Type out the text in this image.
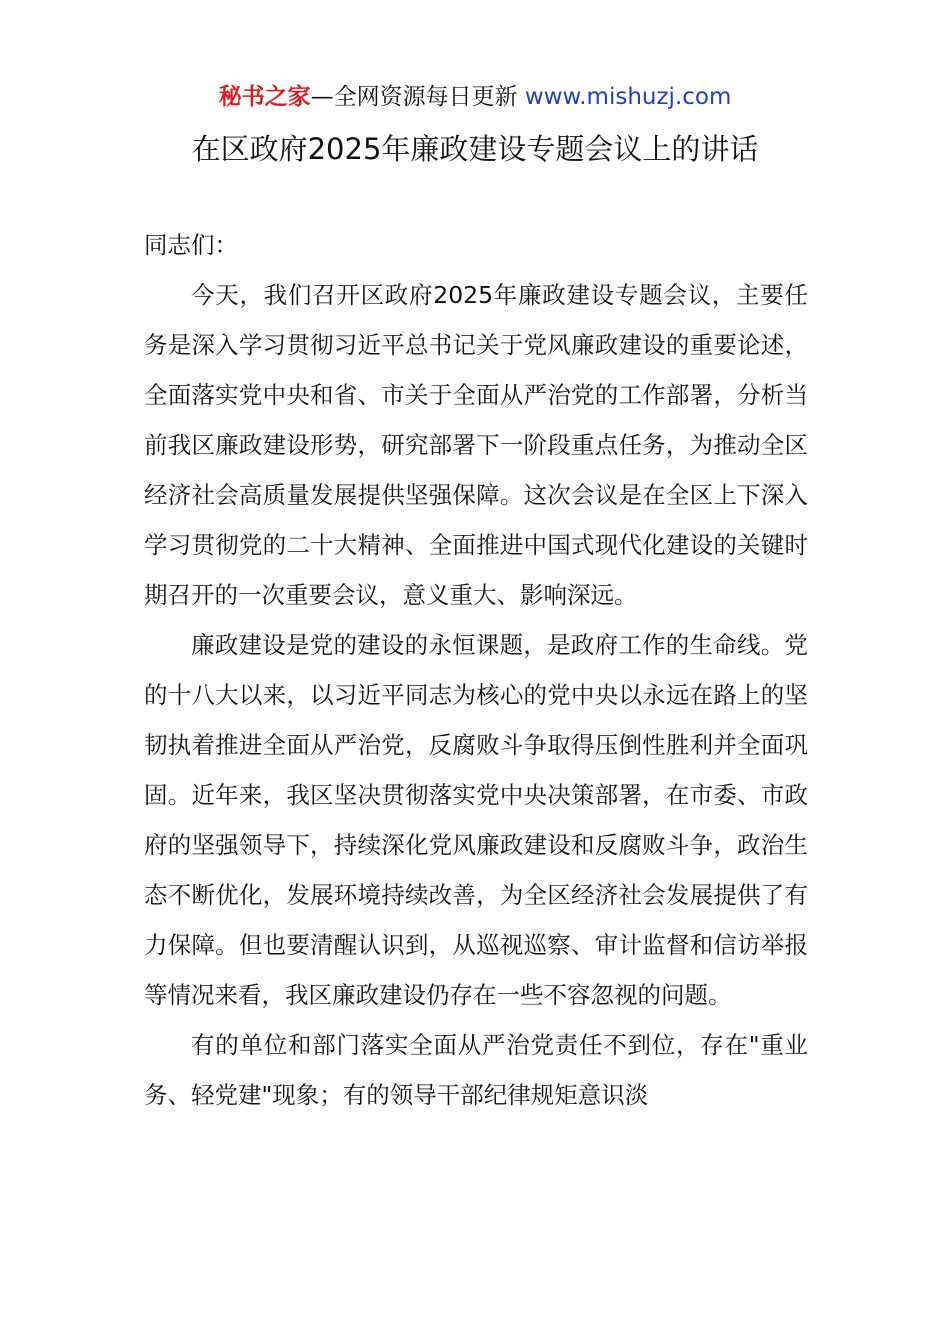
秘书之家—全网资源每日更新 www.mishuzj.com
在区政府2025年廉政建设专题会议上的讲话

同志们：

今天，我们召开区政府2025年廉政建设专题会议，主要任务是深入学习贯彻习近平总书记关于党风廉政建设的重要论述，全面落实党中央和省、市关于全面从严治党的工作部署，分析当前我区廉政建设形势，研究部署下一阶段重点任务，为推动全区经济社会高质量发展提供坚强保障。这次会议是在全区上下深入学习贯彻党的二十大精神、全面推进中国式现代化建设的关键时期召开的一次重要会议，意义重大、影响深远。

廉政建设是党的建设的永恒课题，是政府工作的生命线。党的十八大以来，以习近平同志为核心的党中央以永远在路上的坚韧执着推进全面从严治党，反腐败斗争取得压倒性胜利并全面巩固。近年来，我区坚决贯彻落实党中央决策部署，在市委、市政府的坚强领导下，持续深化党风廉政建设和反腐败斗争，政治生态不断优化，发展环境持续改善，为全区经济社会发展提供了有力保障。但也要清醒认识到，从巡视巡察、审计监督和信访举报等情况来看，我区廉政建设仍存在一些不容忽视的问题。

有的单位和部门落实全面从严治党责任不到位，存在"重业务、轻党建"现象；有的领导干部纪律规矩意识淡
